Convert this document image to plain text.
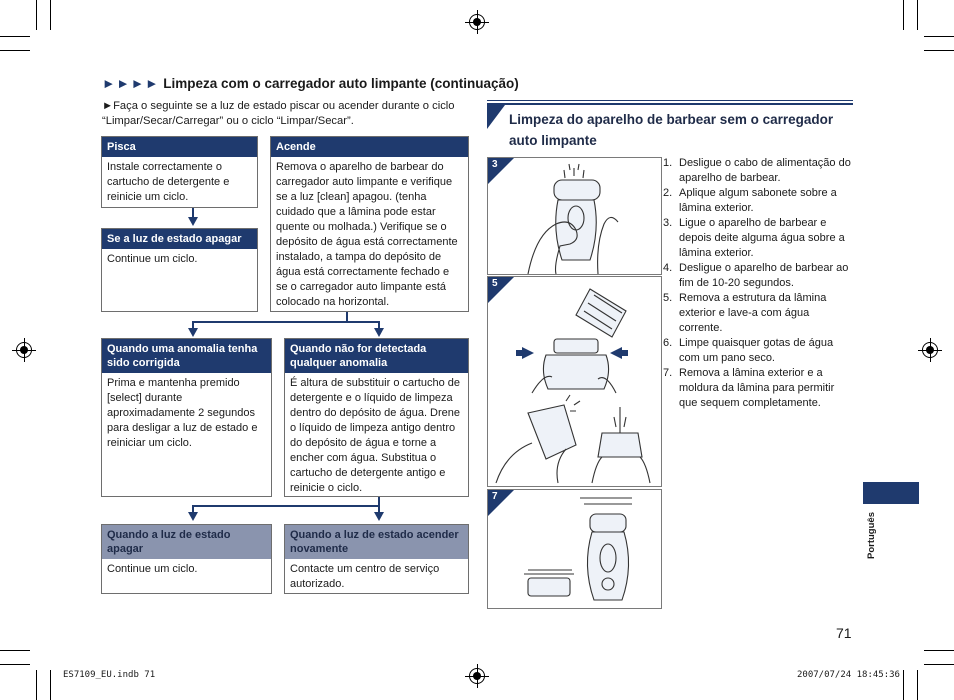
►►►► Limpeza com o carregador auto limpante (continuação)
►Faça o seguinte se a luz de estado piscar ou acender durante o ciclo “Limpar/Secar/Carregar” ou o ciclo “Limpar/Secar”.
Pisca
Instale correctamente o cartucho de detergente e reinicie um ciclo.
Acende
Remova o aparelho de barbear do carregador auto limpante e verifique se a luz [clean] apagou. (tenha cuidado que a lâmina pode estar quente ou molhada.) Verifique se o depósito de água está correctamente instalado, a tampa do depósito de água está correctamente fechado e se o carregador auto limpante está colocado na horizontal.
Se a luz de estado apagar
Continue um ciclo.
Quando uma anomalia tenha sido corrigida
Prima e mantenha premido [select] durante aproximadamente 2 segundos para desligar a luz de estado e reiniciar um ciclo.
Quando não for detectada qualquer anomalia
É altura de substituir o cartucho de detergente e o líquido de limpeza dentro do depósito de água. Drene o líquido de limpeza antigo dentro do depósito de água e torne a encher com água. Substitua o cartucho de detergente antigo e reinicie o ciclo.
Quando a luz de estado apagar
Continue um ciclo.
Quando a luz de estado acender novamente
Contacte um centro de serviço autorizado.
Limpeza do aparelho de barbear sem o carregador auto limpante
3
5
7
1. Desligue o cabo de alimentação do aparelho de barbear.
2. Aplique algum sabonete sobre a lâmina exterior.
3. Ligue o aparelho de barbear e depois deite alguma água sobre a lâmina exterior.
4. Desligue o aparelho de barbear ao fim de 10-20 segundos.
5. Remova a estrutura da lâmina exterior e lave-a com água corrente.
6. Limpe quaisquer gotas de água com um pano seco.
7. Remova a lâmina exterior e a moldura da lâmina para permitir que sequem completamente.
Português
71
ES7109_EU.indb 71	2007/07/24 18:45:36
